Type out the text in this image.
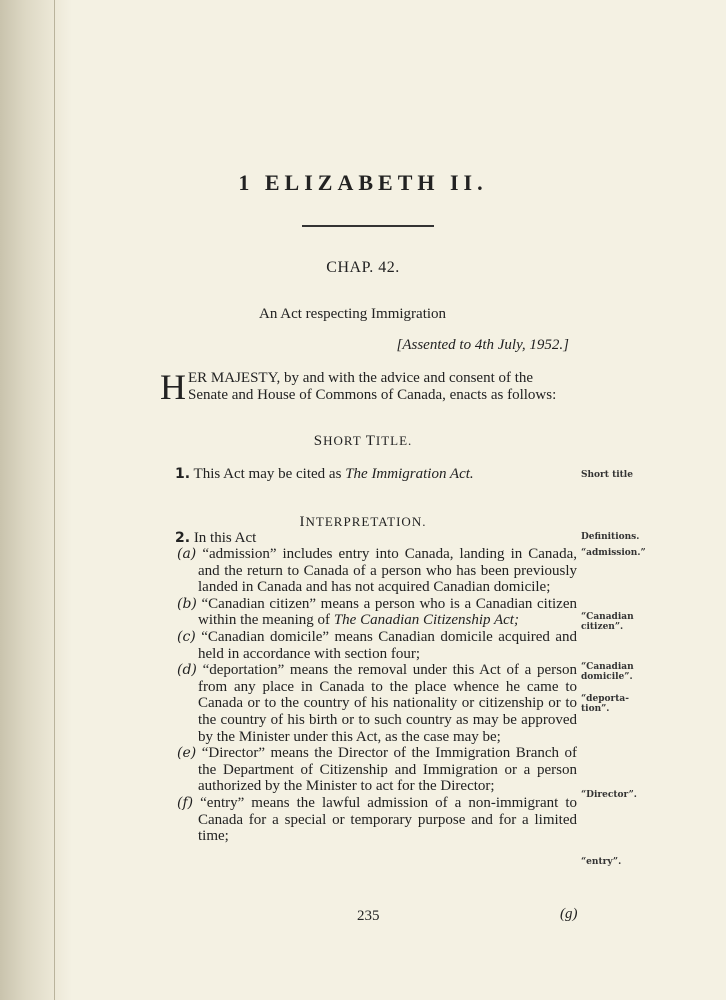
1 ELIZABETH II.
CHAP. 42.
An Act respecting Immigration
[Assented to 4th July, 1952.]
HER MAJESTY, by and with the advice and consent of the Senate and House of Commons of Canada, enacts as follows:
SHORT TITLE.
1. This Act may be cited as The Immigration Act.	Short title
INTERPRETATION.
2. In this Act	Definitions.

(a) “admission” includes entry into Canada, landing in Canada, and the return to Canada of a person who has been previously landed in Canada and has not acquired Canadian domicile;

(b) “Canadian citizen” means a person who is a Canadian citizen within the meaning of The Canadian Citizenship Act;

(c) “Canadian domicile” means Canadian domicile acquired and held in accordance with section four;

(d) “deportation” means the removal under this Act of a person from any place in Canada to the place whence he came to Canada or to the country of his nationality or citizenship or to the country of his birth or to such country as may be approved by the Minister under this Act, as the case may be;

(e) “Director” means the Director of the Immigration Branch of the Department of Citizenship and Immigration or a person authorized by the Minister to act for the Director;

(f) “entry” means the lawful admission of a non-immigrant to Canada for a special or temporary purpose and for a limited time;

“admission.”
“Canadian
citizen”.
“Canadian
domicile”.
“deporta-
tion”.
“Director”.
“entry”.
235	(g)
